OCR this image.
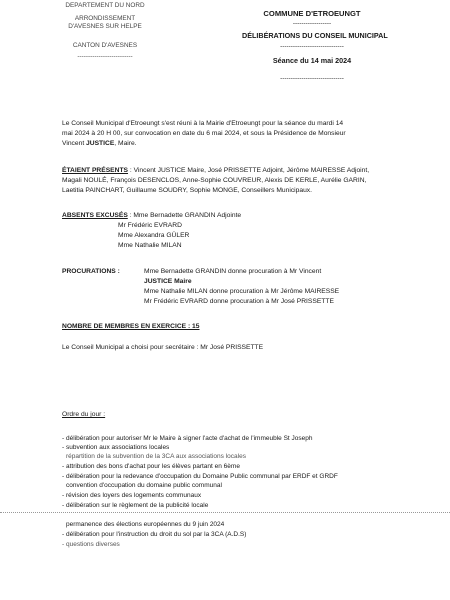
DEPARTEMENT DU NORD
ARRONDISSEMENT
D'AVESNES SUR HELPE
CANTON D'AVESNES
--------------------------
COMMUNE D'ETROEUNGT
------------------
DÉLIBÉRATIONS DU CONSEIL MUNICIPAL
------------------------------
Séance du 14 mai 2024
------------------------------
Le Conseil Municipal d'Etroeungt s'est réuni à la Mairie d'Etroeungt pour la séance du mardi 14
mai 2024 à 20 H 00, sur convocation en date du 6 mai 2024, et sous la Présidence de Monsieur
Vincent JUSTICE, Maire.
ÉTAIENT PRÉSENTS : Vincent JUSTICE Maire, José PRISSETTE Adjoint, Jérôme MAIRESSE Adjoint,
Magali NOULÉ, François DESENCLOS, Anne-Sophie COUVREUR, Alexis DE KERLE, Aurélie GARIN,
Laetitia PAINCHART, Guillaume SOUDRY, Sophie MONGE, Conseillers Municipaux.
ABSENTS EXCUSÉS : Mme Bernadette GRANDIN Adjointe
Mr Frédéric EVRARD
Mme Alexandra GÜLER
Mme Nathalie MILAN
PROCURATIONS :	Mme Bernadette GRANDIN donne procuration à Mr Vincent
JUSTICE Maire
Mme Nathalie MILAN donne procuration à Mr Jérôme MAIRESSE
Mr Frédéric EVRARD donne procuration à Mr José PRISSETTE
NOMBRE DE MEMBRES EN EXERCICE : 15
Le Conseil Municipal a choisi pour secrétaire : Mr José PRISSETTE
Ordre du jour :
- délibération pour autoriser Mr le Maire à signer l'acte d'achat de l'immeuble St Joseph
- subvention aux associations locales
répartition de la subvention de la 3CA aux associations locales
- attribution des bons d'achat pour les élèves partant en 6ème
- délibération pour la redevance d'occupation du Domaine Public communal par ERDF et GRDF
convention d'occupation du domaine public communal
- révision des loyers des logements communaux
- délibération sur le règlement de la publicité locale
permanence des élections européennes du 9 juin 2024
- délibération pour l'instruction du droit du sol par la 3CA (A.D.S)
- questions diverses
